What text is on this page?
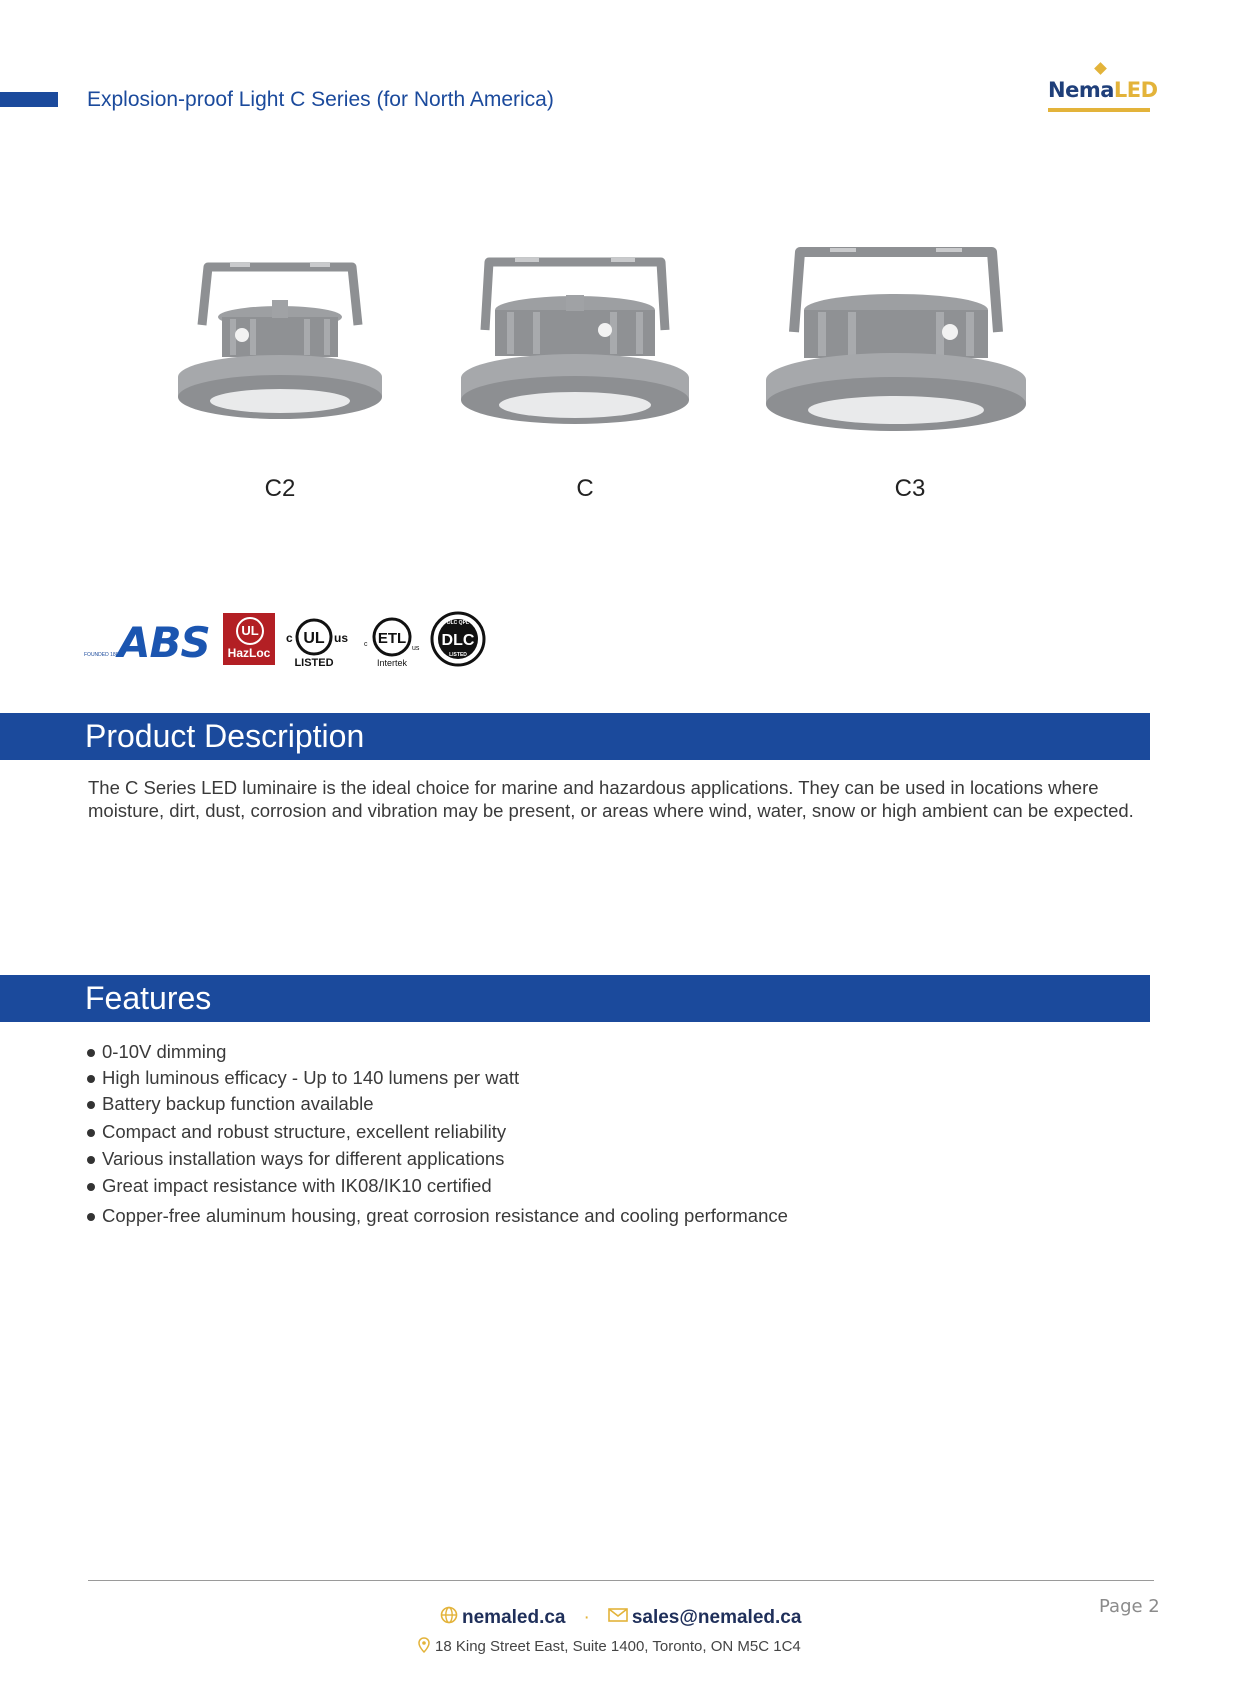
Explosion-proof Light C Series (for North America)	NemaLED
C2	C	C3
FOUNDED 1862
ABS	UL
HazLoc
c UL us
LISTED
c ETL
us
Intertek
DLC QPL
DLC
LISTED
Product Description
The C Series LED luminaire is the ideal choice for marine and hazardous applications. They can be used in locations where moisture, dirt, dust, corrosion and vibration may be present, or areas where wind, water, snow or high ambient can be expected.
Features
0-10V dimming
High luminous efficacy - Up to 140 lumens per watt
Battery backup function available
Compact and robust structure, excellent reliability
Various installation ways for different applications
Great impact resistance with IK08/IK10 certified
Copper-free aluminum housing, great corrosion resistance and cooling performance
Page 2
nemaled.ca · sales@nemaled.ca
18 King Street East, Suite 1400, Toronto, ON M5C 1C4
